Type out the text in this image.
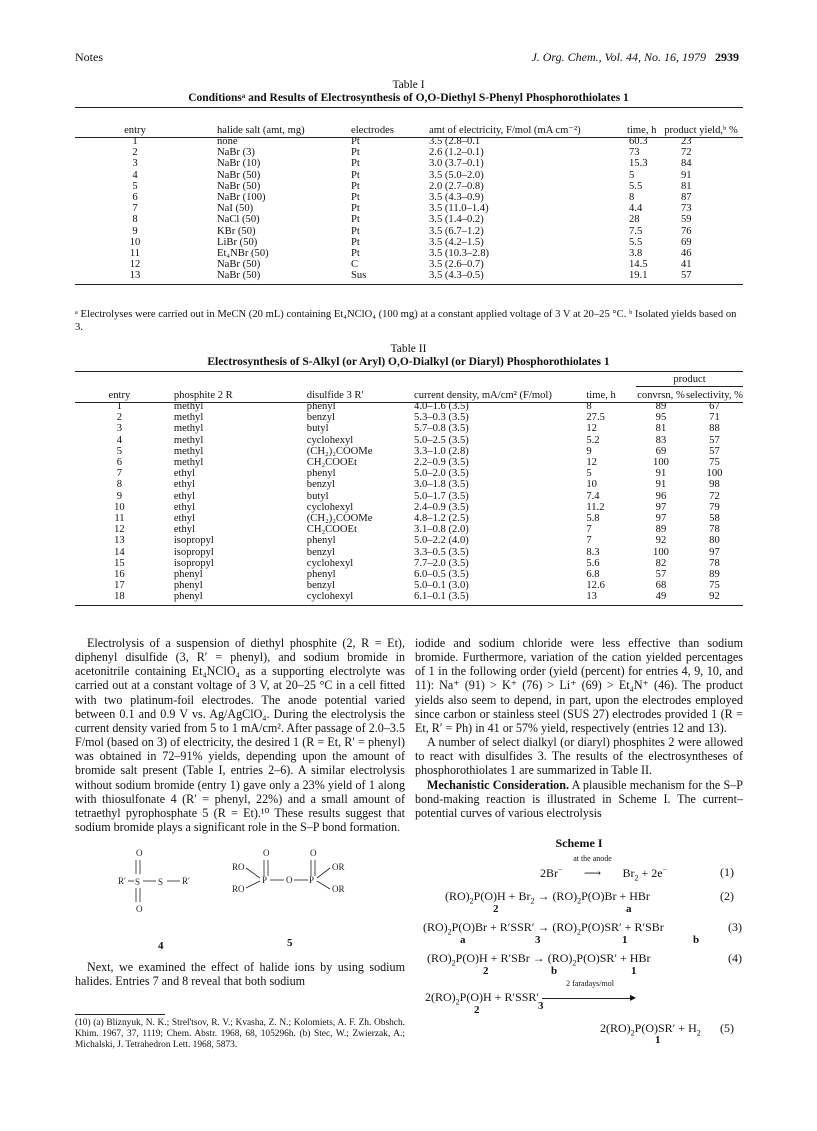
Notes	J. Org. Chem., Vol. 44, No. 16, 1979 2939
Table I
Conditionsᵃ and Results of Electrosynthesis of O,O-Diethyl S-Phenyl Phosphorothiolates 1
entry	halide salt (amt, mg)	electrodes	amt of electricity, F/mol (mA cm⁻²)	time, h	product yield,ᵇ %
1	none	Pt	3.5 (2.8–0.1	60.3	23
2	NaBr (3)	Pt	2.6 (1.2–0.1)	73	72
3	NaBr (10)	Pt	3.0 (3.7–0.1)	15.3	84
4	NaBr (50)	Pt	3.5 (5.0–2.0)	5	91
5	NaBr (50)	Pt	2.0 (2.7–0.8)	5.5	81
6	NaBr (100)	Pt	3.5 (4.3–0.9)	8	87
7	NaI (50)	Pt	3.5 (11.0–1.4)	4.4	73
8	NaCl (50)	Pt	3.5 (1.4–0.2)	28	59
9	KBr (50)	Pt	3.5 (6.7–1.2)	7.5	76
10	LiBr (50)	Pt	3.5 (4.2–1.5)	5.5	69
11	Et₄NBr (50)	Pt	3.5 (10.3–2.8)	3.8	46
12	NaBr (50)	C	3.5 (2.6–0.7)	14.5	41
13	NaBr (50)	Sus	3.5 (4.3–0.5)	19.1	57
ᵃ Electrolyses were carried out in MeCN (20 mL) containing Et₄NClO₄ (100 mg) at a constant applied voltage of 3 V at 20–25 °C. ᵇ Isolated yields based on 3.
Table II
Electrosynthesis of S-Alkyl (or Aryl) O,O-Dialkyl (or Diaryl) Phosphorothiolates 1
					product	
entry	phosphite 2 R	disulfide 3 R′	current density, mA/cm² (F/mol)	time, h	convrsn, %	selectivity, %
1	methyl	phenyl	4.0–1.6 (3.5)	8	89	67
2	methyl	benzyl	5.3–0.3 (3.5)	27.5	95	71
3	methyl	butyl	5.7–0.8 (3.5)	12	81	88
4	methyl	cyclohexyl	5.0–2.5 (3.5)	5.2	83	57
5	methyl	(CH₂)₂COOMe	3.3–1.0 (2.8)	9	69	57
6	methyl	CH₂COOEt	2.2–0.9 (3.5)	12	100	75
7	ethyl	phenyl	5.0–2.0 (3.5)	5	91	100
8	ethyl	benzyl	3.0–1.8 (3.5)	10	91	98
9	ethyl	butyl	5.0–1.7 (3.5)	7.4	96	72
10	ethyl	cyclohexyl	2.4–0.9 (3.5)	11.2	97	79
11	ethyl	(CH₂)₂COOMe	4.8–1.2 (2.5)	5.8	97	58
12	ethyl	CH₂COOEt	3.1–0.8 (2.0)	7	89	78
13	isopropyl	phenyl	5.0–2.2 (4.0)	7	92	80
14	isopropyl	benzyl	3.3–0.5 (3.5)	8.3	100	97
15	isopropyl	cyclohexyl	7.7–2.0 (3.5)	5.6	82	78
16	phenyl	phenyl	6.0–0.5 (3.5)	6.8	57	89
17	phenyl	benzyl	5.0–0.1 (3.0)	12.6	68	75
18	phenyl	cyclohexyl	6.1–0.1 (3.5)	13	49	92

Electrolysis of a suspension of diethyl phosphite (2, R = Et), diphenyl disulfide (3, R′ = phenyl), and sodium bromide in acetonitrile containing Et₄NClO₄ as a supporting electrolyte was carried out at a constant voltage of 3 V, at 20–25 °C in a cell fitted with two platinum-foil electrodes. The anode potential varied between 0.1 and 0.9 V vs. Ag/AgClO₄. During the electrolysis the current density varied from 5 to 1 mA/cm². After passage of 2.0–3.5 F/mol (based on 3) of electricity, the desired 1 (R = Et, R′ = phenyl) was obtained in 72–91% yields, depending upon the amount of bromide salt present (Table I, entries 2–6). A similar electrolysis without sodium bromide (entry 1) gave only a 23% yield of 1 along with thiosulfonate 4 (R′ = phenyl, 22%) and a small amount of tetraethyl pyrophosphate 5 (R = Et).¹⁰ These results suggest that sodium bromide plays a significant role in the S–P bond formation.

O
R′ S S R′
O
O	O
RO
RO
P O P
OR
OR
4	5

Next, we examined the effect of halide ions by using sodium halides. Entries 7 and 8 reveal that both sodium

(10) (a) Bliznyuk, N. K.; Strel'tsov, R. V.; Kvasha, Z. N.; Kolomiets, A. F. Zh. Obshch. Khim. 1967, 37, 1119; Chem. Abstr. 1968, 68, 105296h. (b) Stec, W.; Zwierzak, A.; Michalski, J. Tetrahedron Lett. 1968, 5873.

iodide and sodium chloride were less effective than sodium bromide. Furthermore, variation of the cation yielded percentages of 1 in the following order (yield (percent) for entries 4, 9, 10, and 11): Na⁺ (91) > K⁺ (76) > Li⁺ (69) > Et₄N⁺ (46). The product yields also seem to depend, in part, upon the electrodes employed since carbon or stainless steel (SUS 27) electrodes provided 1 (R = Et, R′ = Ph) in 41 or 57% yield, respectively (entries 12 and 13).

A number of select dialkyl (or diaryl) phosphites 2 were allowed to react with disulfides 3. The results of the electrosyntheses of phosphorothiolates 1 are summarized in Table II.

Mechanistic Consideration. A plausible mechanism for the S–P bond-making reaction is illustrated in Scheme I. The current–potential curves of various electrolysis

Scheme I
2Br−
at the anode
⟶ $Br_2 + 2e^-$	(1)
$(RO)_2P(O)H + Br_2 \to (RO)_2P(O)Br$ + HBr
2	a
(2)
$(RO)_2P(O)Br + R'SSR' \to (RO)_2P(O)SR' + R'SBr$
a	3	1	b
(3)
$(RO)_2P(O)H + R'SBr \to (RO)_2P(O)SR'$ + HBr
2	b	1
(4)
$2(RO)_2P(O)H + R'SSR'$
2 faradays/mol
▸
2	3
$2(RO)_2P(O)SR' + H_2$
1
(5)
